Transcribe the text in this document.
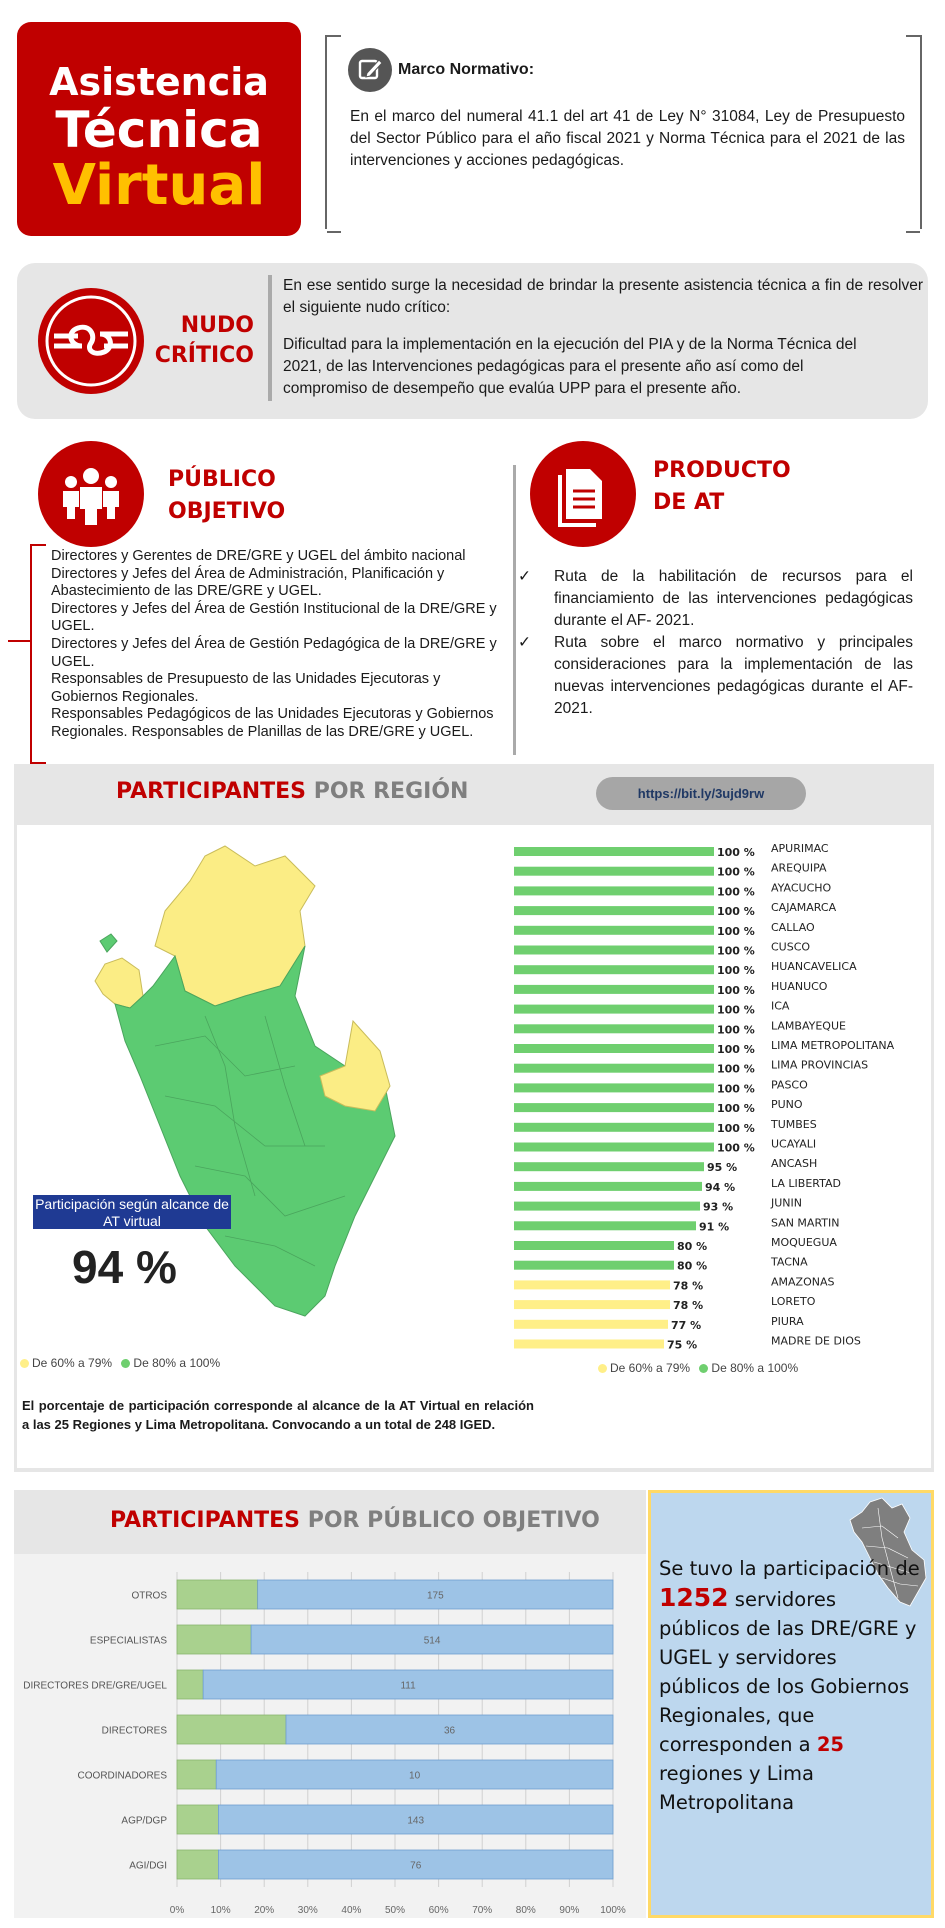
Asistencia
Técnica
Virtual
Marco Normativo:
En el marco del numeral 41.1 del art 41 de Ley N° 31084, Ley de Presupuesto del Sector Público para el año fiscal 2021 y Norma Técnica para el 2021 de las intervenciones y acciones pedagógicas.
NUDO
CRÍTICO
En ese sentido surge la necesidad de brindar la presente asistencia técnica a fin de resolver el siguiente nudo crítico:
Dificultad para la implementación en la ejecución del PIA y de la Norma Técnica del 2021, de las Intervenciones pedagógicas para el presente año así como del compromiso de desempeño que evalúa UPP para el presente año.
PÚBLICO
OBJETIVO
Directores y Gerentes de DRE/GRE y UGEL del ámbito nacional
Directores y Jefes del Área de Administración, Planificación y Abastecimiento de las DRE/GRE y UGEL.
Directores y Jefes del Área de Gestión Institucional de la DRE/GRE y UGEL.
Directores y Jefes del Área de Gestión Pedagógica de la DRE/GRE y UGEL.
Responsables de Presupuesto de las Unidades Ejecutoras y Gobiernos Regionales.
Responsables Pedagógicos de las Unidades Ejecutoras y Gobiernos Regionales. Responsables de Planillas de las DRE/GRE y UGEL.
PRODUCTO
DE AT
✓ Ruta de la habilitación de recursos para el financiamiento de las intervenciones pedagógicas durante el AF- 2021.
✓ Ruta sobre el marco normativo y principales consideraciones para la implementación de las nuevas intervenciones pedagógicas durante el AF-2021.
PARTICIPANTES POR REGIÓN	https://bit.ly/3ujd9rw
Participación según alcance de AT virtual
94 %
De 60% a 79% De 80% a 100%
100 % APURIMAC
100 % AREQUIPA
100 % AYACUCHO
100 % CAJAMARCA
100 % CALLAO
100 % CUSCO
100 % HUANCAVELICA
100 % HUANUCO
100 % ICA
100 % LAMBAYEQUE
100 % LIMA METROPOLITANA
100 % LIMA PROVINCIAS
100 % PASCO
100 % PUNO
100 % TUMBES
100 % UCAYALI
95 %	ANCASH
94 %	LA LIBERTAD
93 %	JUNIN
91 %	SAN MARTIN
80 %	MOQUEGUA
80 %	TACNA
78 %	AMAZONAS
78 %	LORETO
77 %	PIURA
75 %	MADRE DE DIOS
De 60% a 79% De 80% a 100%
El porcentaje de participación corresponde al alcance de la AT Virtual en relación a las 25 Regiones y Lima Metropolitana. Convocando a un total de 248 IGED.
PARTICIPANTES POR PÚBLICO OBJETIVO
0%	10% 20% 30% 40% 50% 60% 70% 80% 90% 100%
175
OTROS
514
ESPECIALISTAS
111
DIRECTORES DRE/GRE/UGEL
36
DIRECTORES
10
COORDINADORES
143
AGP/DGP
76
AGI/DGI
Se tuvo la participación de 1252 servidores públicos de las DRE/GRE y UGEL y servidores públicos de los Gobiernos Regionales, que corresponden a 25 regiones y Lima Metropolitana
